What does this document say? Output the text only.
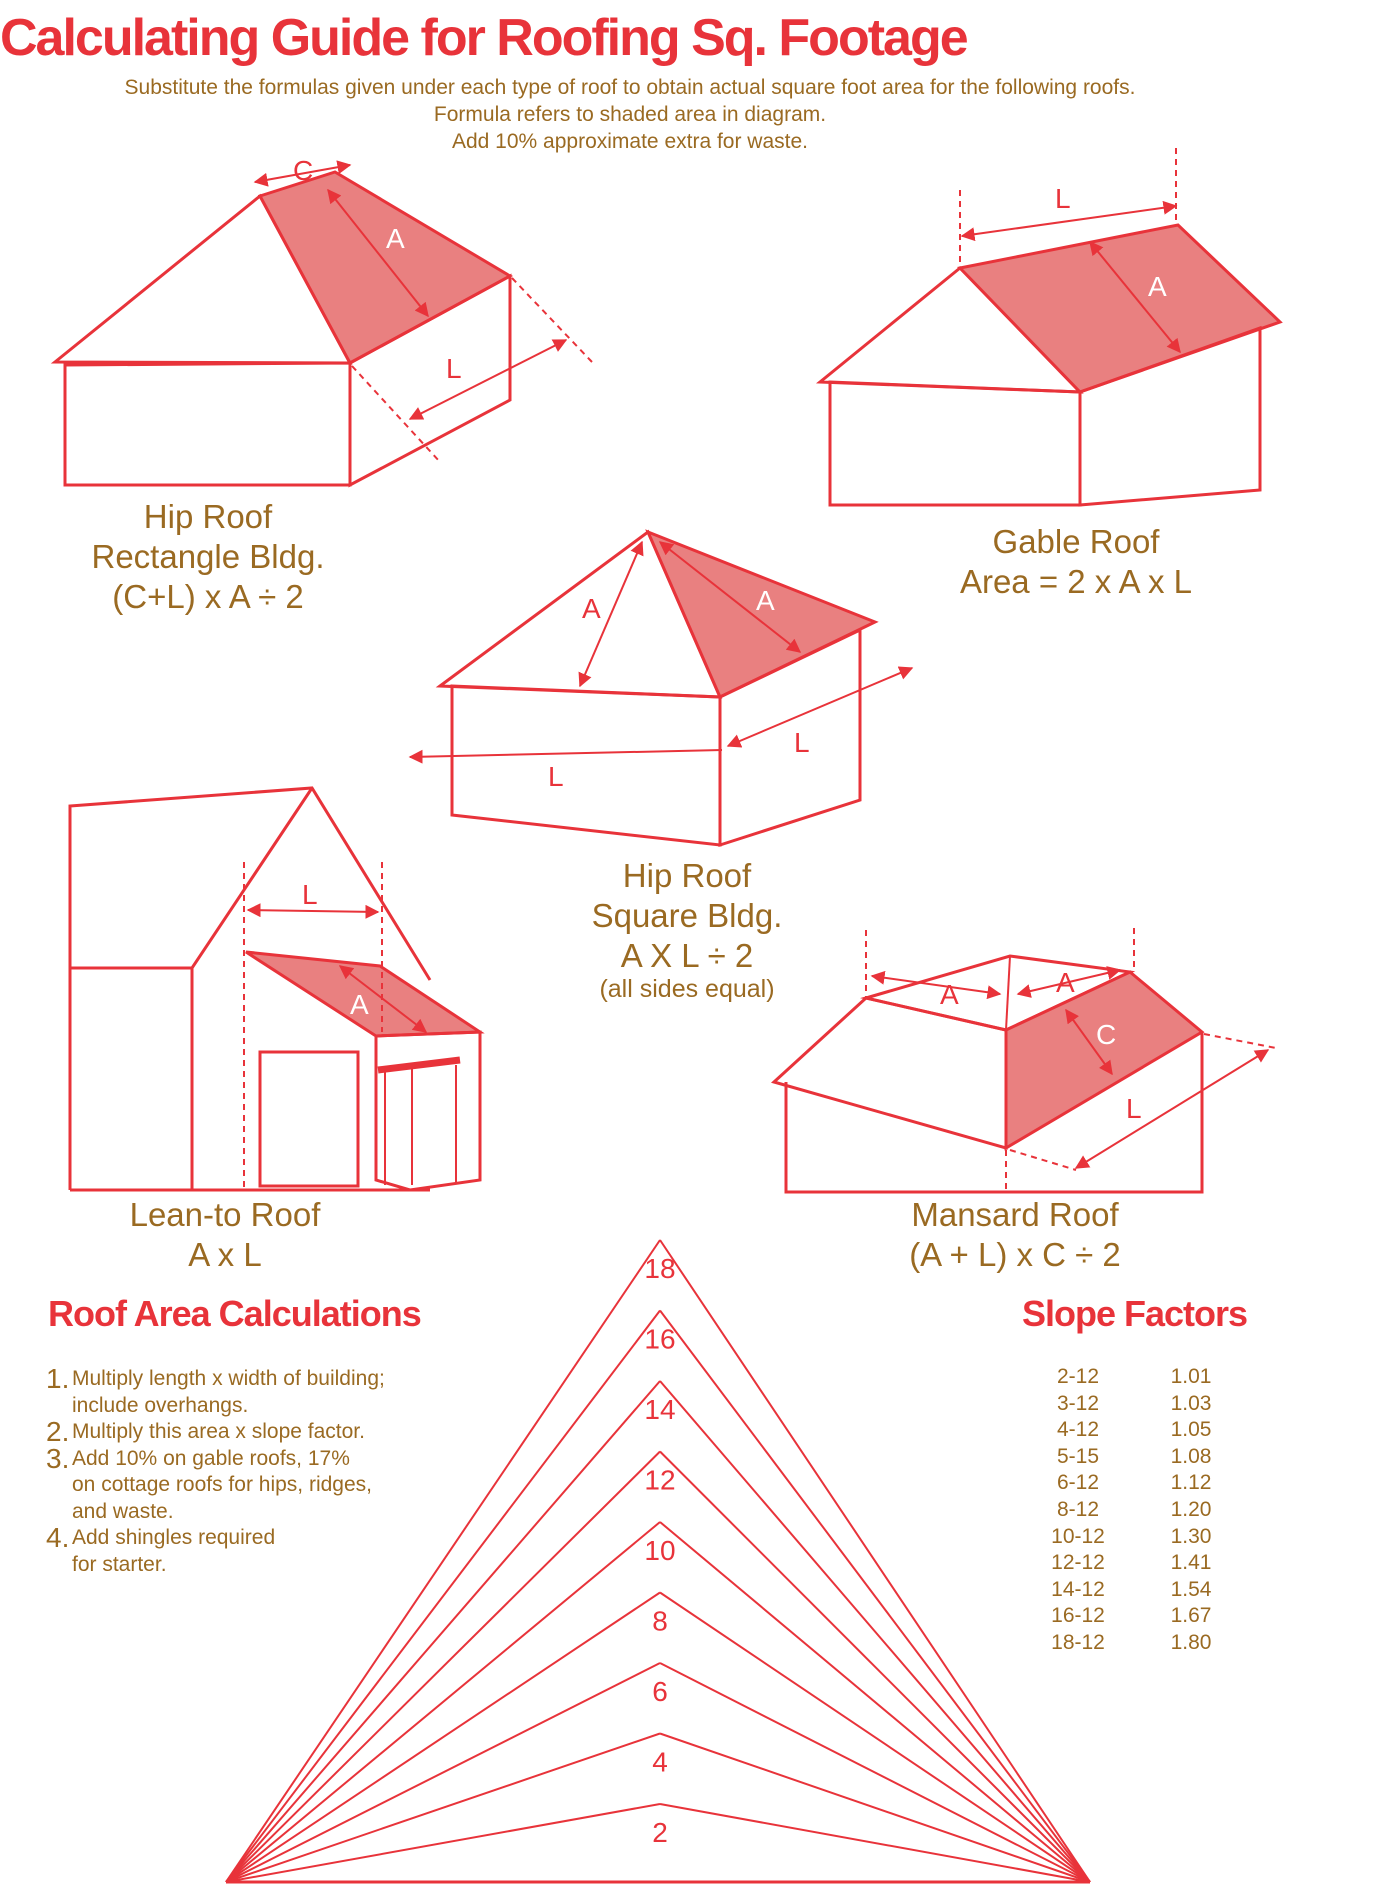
Calculating Guide for Roofing Sq. Footage
Substitute the formulas given under each type of roof to obtain actual square foot area for the following roofs.
Formula refers to shaded area in diagram.
Add 10% approximate extra for waste.
A
C
L
A
L
A	A
L
L
A
L
A	A
C
L
18
16
14
12
10
8
6
4
2
Hip Roof
Rectangle Bldg.
(C+L) x A ÷ 2
Gable Roof
Area = 2 x A x L
Hip Roof
Square Bldg.
A X L ÷ 2
(all sides equal)
Lean-to Roof
A x L
Mansard Roof
(A + L) x C ÷ 2
Roof Area Calculations
1. Multiply length x width of building;
include overhangs.
2. Multiply this area x slope factor.
3. Add 10% on gable roofs, 17%
on cottage roofs for hips, ridges,
and waste.
4. Add shingles required
for starter.
Slope Factors
2-12	1.01
3-12	1.03
4-12	1.05
5-15	1.08
6-12	1.12
8-12	1.20
10-12	1.30
12-12	1.41
14-12	1.54
16-12	1.67
18-12	1.80
